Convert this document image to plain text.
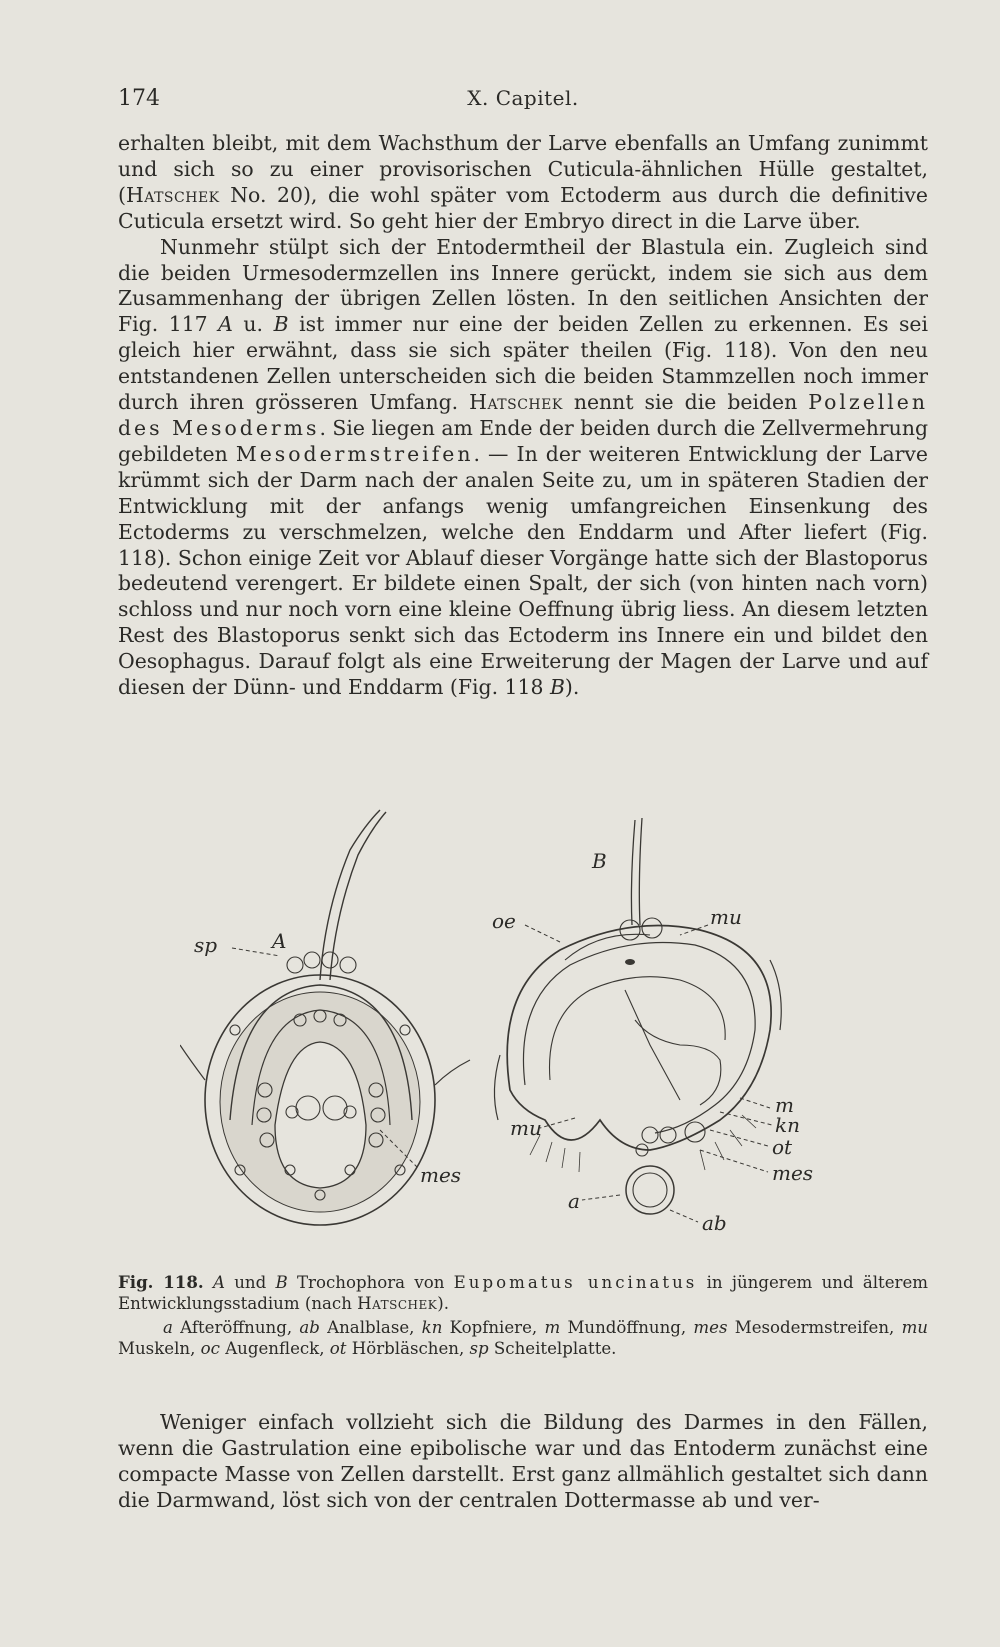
174	X. Capitel.

erhalten bleibt, mit dem Wachsthum der Larve ebenfalls an Umfang zunimmt und sich so zu einer provisorischen Cuticula-ähnlichen Hülle gestaltet, (Hatschek No. 20), die wohl später vom Ectoderm aus durch die definitive Cuticula ersetzt wird. So geht hier der Embryo direct in die Larve über.

Nunmehr stülpt sich der Entodermtheil der Blastula ein. Zugleich sind die beiden Urmesodermzellen ins Innere gerückt, indem sie sich aus dem Zusammenhang der übrigen Zellen lösten. In den seitlichen Ansichten der Fig. 117 A u. B ist immer nur eine der beiden Zellen zu erkennen. Es sei gleich hier erwähnt, dass sie sich später theilen (Fig. 118). Von den neu entstandenen Zellen unterscheiden sich die beiden Stammzellen noch immer durch ihren grösseren Umfang. Hatschek nennt sie die beiden Polzellen des Mesoderms. Sie liegen am Ende der beiden durch die Zellvermehrung gebildeten Mesodermstreifen. — In der weiteren Entwicklung der Larve krümmt sich der Darm nach der analen Seite zu, um in späteren Stadien der Entwicklung mit der anfangs wenig umfangreichen Einsenkung des Ectoderms zu verschmelzen, welche den Enddarm und After liefert (Fig. 118). Schon einige Zeit vor Ablauf dieser Vorgänge hatte sich der Blastoporus bedeutend verengert. Er bildete einen Spalt, der sich (von hinten nach vorn) schloss und nur noch vorn eine kleine Oeffnung übrig liess. An diesem letzten Rest des Blastoporus senkt sich das Ectoderm ins Innere ein und bildet den Oesophagus. Darauf folgt als eine Erweiterung der Magen der Larve und auf diesen der Dünn- und Enddarm (Fig. 118 B).

A
B
sp
mes
oe	mu
m
kn
ot
mes
mu
a
ab

Fig. 118. A und B Trochophora von Eupomatus uncinatus in jüngerem und älterem Entwicklungsstadium (nach Hatschek).

a Afteröffnung, ab Analblase, kn Kopfniere, m Mundöffnung, mes Mesodermstreifen, mu Muskeln, oc Augenfleck, ot Hörbläschen, sp Scheitelplatte.

Weniger einfach vollzieht sich die Bildung des Darmes in den Fällen, wenn die Gastrulation eine epibolische war und das Entoderm zunächst eine compacte Masse von Zellen darstellt. Erst ganz allmählich gestaltet sich dann die Darmwand, löst sich von der centralen Dottermasse ab und ver-
